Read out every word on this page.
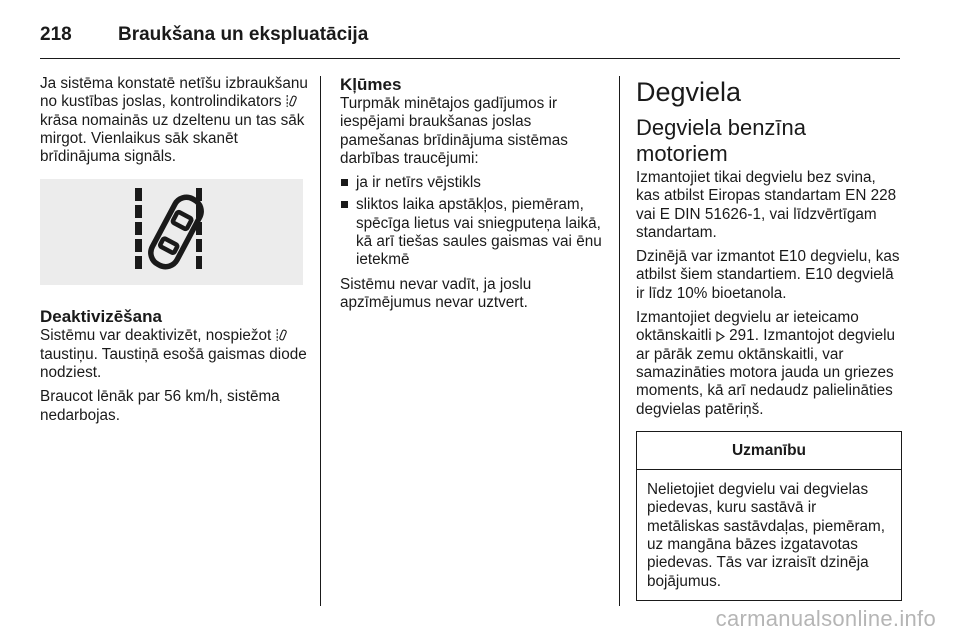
218	Braukšana un ekspluatācija

Ja sistēma konstatē netīšu izbraukšanu no kustības joslas, kontrolindikators  krāsa nomainās uz dzeltenu un tas sāk mirgot. Vienlaikus sāk skanēt brīdinājuma signāls.

Deaktivizēšana

Sistēmu var deaktivizēt, nospiežot  taustiņu. Taustiņā esošā gaismas diode nodziest.

Braucot lēnāk par 56 km/h, sistēma nedarbojas.

Kļūmes

Turpmāk minētajos gadījumos ir iespējami braukšanas joslas pamešanas brīdinājuma sistēmas darbības traucējumi:

ja ir netīrs vējstikls
sliktos laika apstākļos, piemēram, spēcīga lietus vai sniegputeņa laikā, kā arī tiešas saules gaismas vai ēnu ietekmē

Sistēmu nevar vadīt, ja joslu apzīmējumus nevar uztvert.

Degviela
Degviela benzīna motoriem

Izmantojiet tikai degvielu bez svina, kas atbilst Eiropas standartam EN 228 vai E DIN 51626-1, vai līdzvērtīgam standartam.

Dzinējā var izmantot E10 degvielu, kas atbilst šiem standartiem. E10 degvielā ir līdz 10% bioetanola.

Izmantojiet degvielu ar ieteicamo oktānskaitli 291. Izmantojot degvielu ar pārāk zemu oktānskaitli, var samazināties motora jauda un griezes moments, kā arī nedaudz palielināties degvielas patēriņš.

Uzmanību
Nelietojiet degvielu vai degvielas piedevas, kuru sastāvā ir metāliskas sastāvdaļas, piemēram, uz mangāna bāzes izgatavotas piedevas. Tās var izraisīt dzinēja bojājumus.
carmanualsonline.info
